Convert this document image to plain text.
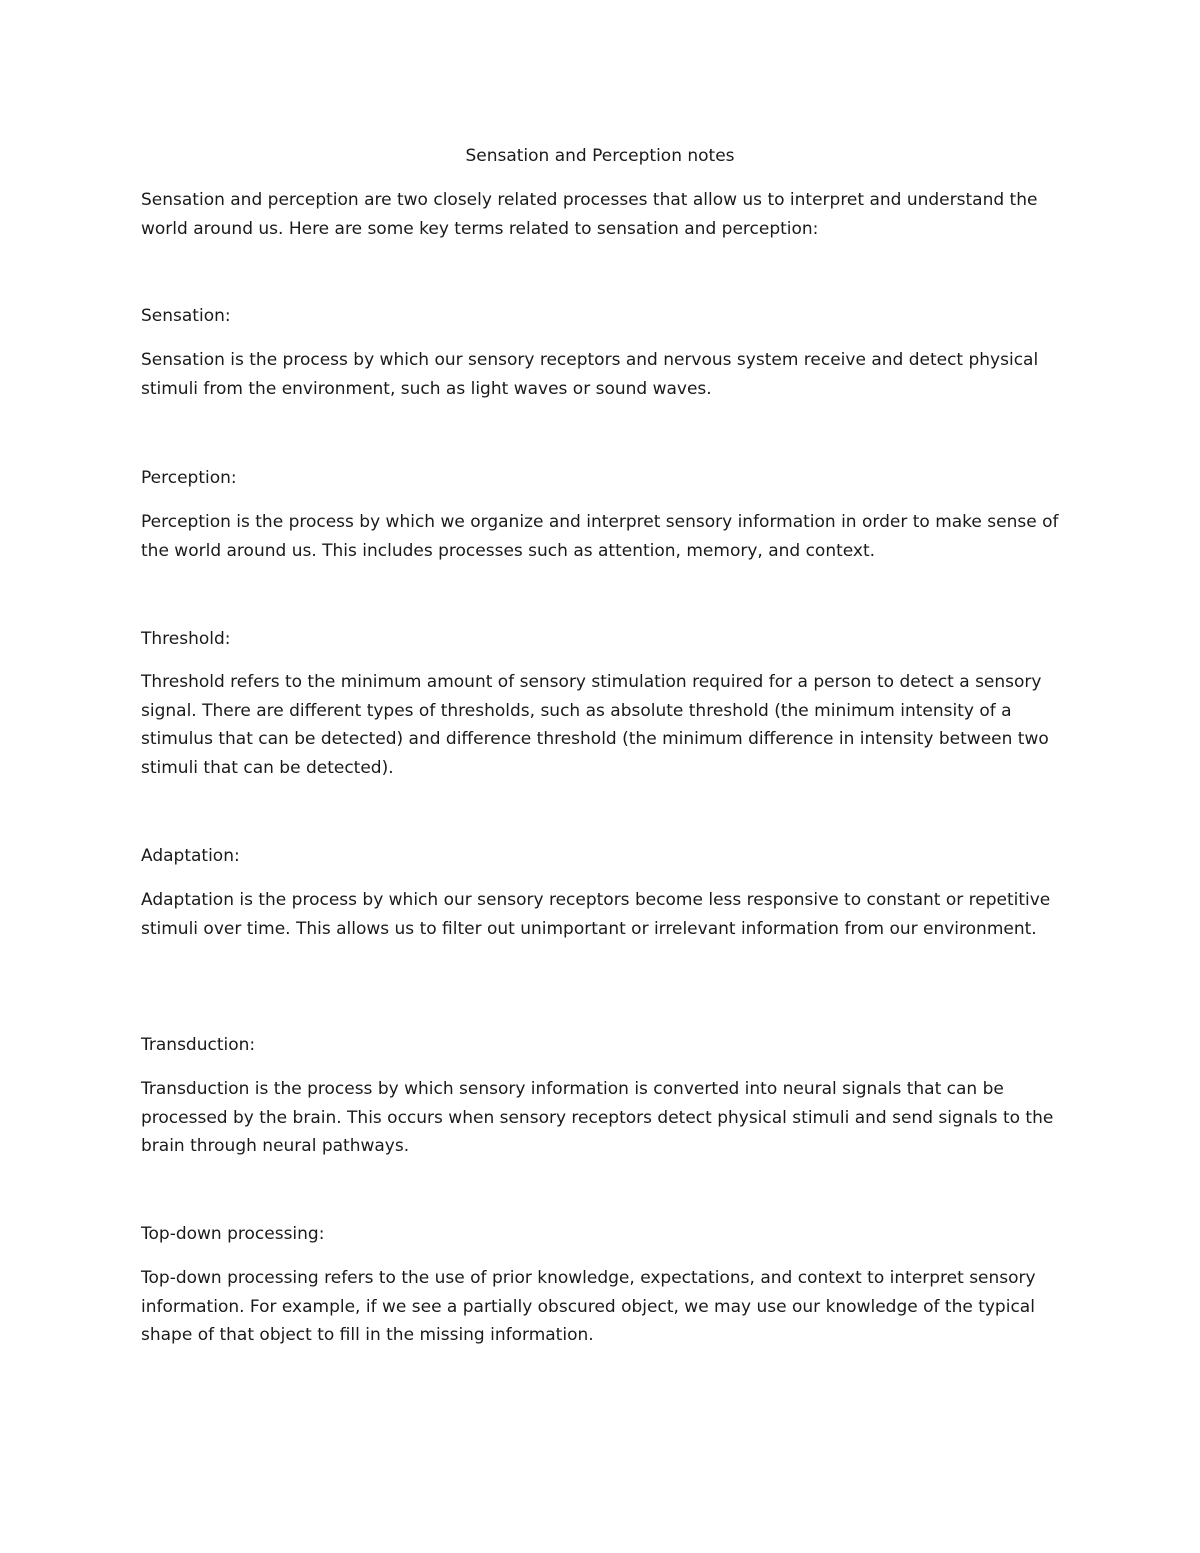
Sensation and Perception notes

Sensation and perception are two closely related processes that allow us to interpret and understand the world around us. Here are some key terms related to sensation and perception:

Sensation:

Sensation is the process by which our sensory receptors and nervous system receive and detect physical stimuli from the environment, such as light waves or sound waves.

Perception:

Perception is the process by which we organize and interpret sensory information in order to make sense of the world around us. This includes processes such as attention, memory, and context.

Threshold:

Threshold refers to the minimum amount of sensory stimulation required for a person to detect a sensory signal. There are different types of thresholds, such as absolute threshold (the minimum intensity of a stimulus that can be detected) and difference threshold (the minimum difference in intensity between two stimuli that can be detected).

Adaptation:

Adaptation is the process by which our sensory receptors become less responsive to constant or repetitive stimuli over time. This allows us to filter out unimportant or irrelevant information from our environment.

Transduction:

Transduction is the process by which sensory information is converted into neural signals that can be processed by the brain. This occurs when sensory receptors detect physical stimuli and send signals to the brain through neural pathways.

Top-down processing:

Top-down processing refers to the use of prior knowledge, expectations, and context to interpret sensory information. For example, if we see a partially obscured object, we may use our knowledge of the typical shape of that object to fill in the missing information.
